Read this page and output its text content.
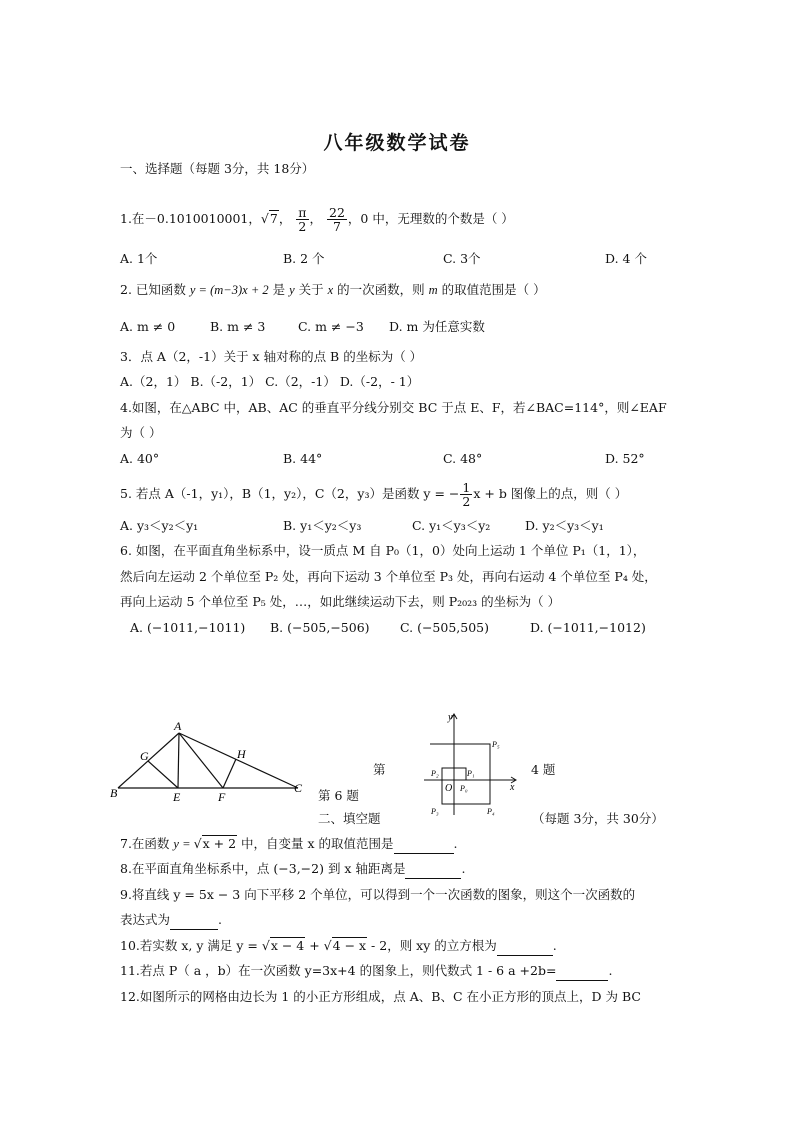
八年级数学试卷
一、选择题（每题 3分，共 18分）
1.在－0.1010010001，√7， $\frac{\pi}{2}$ ， $\frac{22}{7}$ ，0 中，无理数的个数是（ ）
A. 1个	B. 2 个	C. 3个	D. 4 个
2. 已知函数 y = (m−3)x + 2 是 y 关于 x 的一次函数，则 m 的取值范围是（ ）
A. m ≠ 0	B. m ≠ 3	C. m ≠ −3 D. m 为任意实数
3．点 A（2，-1）关于 x 轴对称的点 B 的坐标为（ ）
A.（2，1） B.（-2，1） C.（2，-1） D.（-2，- 1）
4.如图，在△ABC 中，AB、AC 的垂直平分线分别交 BC 于点 E、F，若∠BAC=114°，则∠EAF
为（ ）
A. 40°	B. 44°	C. 48°	D. 52°
5. 若点 A（-1，y₁），B（1，y₂），C（2，y₃）是函数 y = − $\frac{1}{2}$ x + b 图像上的点，则（ ）
A. y₃＜y₂＜y₁	B. y₁＜y₂＜y₃	C. y₁＜y₃＜y₂	D. y₂＜y₃＜y₁
6. 如图，在平面直角坐标系中，设一质点 M 自 P₀（1，0）处向上运动 1 个单位 P₁（1，1），
然后向左运动 2 个单位至 P₂ 处，再向下运动 3 个单位至 P₃ 处，再向右运动 4 个单位至 P₄ 处，
再向上运动 5 个单位至 P₅ 处，…，如此继续运动下去，则 P₂₀₂₃ 的坐标为（ ）
A. (−1011,−1011) B. (−505,−506) C. (−505,505)	D. (−1011,−1012)
A
B	C
E	F
G	H
y
x
O P₀
P₁
P₂
P₃	P₄
P₅
第	4 题
第 6 题
二、填空题	（每题 3分，共 30分）
7.在函数 y = √x + 2 中，自变量 x 的取值范围是	.
8.在平面直角坐标系中，点 (−3,−2) 到 x 轴距离是	.
9.将直线 y = 5x − 3 向下平移 2 个单位，可以得到一个一次函数的图象，则这个一次函数的
表达式为	.
10.若实数 x, y 满足 y = √x − 4 + √4 − x - 2，则 xy 的立方根为	.
11.若点 P（ a ，b）在一次函数 y=3x+4 的图象上，则代数式 1 - 6 a +2b=	.
12.如图所示的网格由边长为 1 的小正方形组成，点 A、B、C 在小正方形的顶点上，D 为 BC
